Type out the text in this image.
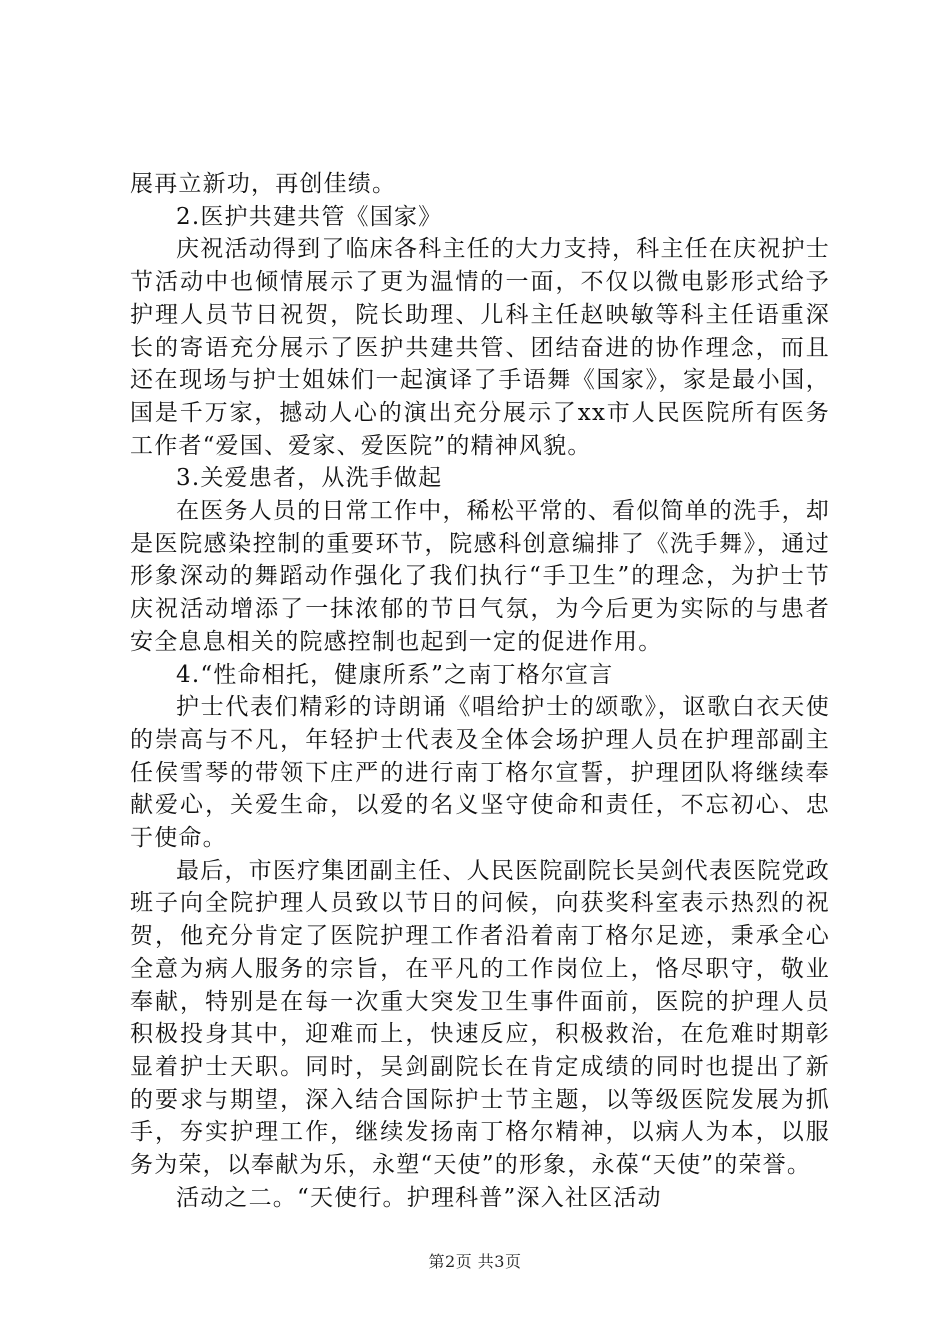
展再立新功，再创佳绩。

2.医护共建共管《国家》

庆祝活动得到了临床各科主任的大力支持，科主任在庆祝护士节活动中也倾情展示了更为温情的一面，不仅以微电影形式给予护理人员节日祝贺，院长助理、儿科主任赵映敏等科主任语重深长的寄语充分展示了医护共建共管、团结奋进的协作理念，而且还在现场与护士姐妹们一起演译了手语舞《国家》，家是最小国，国是千万家，撼动人心的演出充分展示了xx市人民医院所有医务工作者“爱国、爱家、爱医院”的精神风貌。

3.关爱患者，从洗手做起

在医务人员的日常工作中，稀松平常的、看似简单的洗手，却是医院感染控制的重要环节，院感科创意编排了《洗手舞》，通过形象深动的舞蹈动作强化了我们执行“手卫生”的理念，为护士节庆祝活动增添了一抹浓郁的节日气氛，为今后更为实际的与患者安全息息相关的院感控制也起到一定的促进作用。

4.“性命相托，健康所系”之南丁格尔宣言

护士代表们精彩的诗朗诵《唱给护士的颂歌》，讴歌白衣天使的崇高与不凡，年轻护士代表及全体会场护理人员在护理部副主任侯雪琴的带领下庄严的进行南丁格尔宣誓，护理团队将继续奉献爱心，关爱生命，以爱的名义坚守使命和责任，不忘初心、忠于使命。

最后，市医疗集团副主任、人民医院副院长吴剑代表医院党政班子向全院护理人员致以节日的问候，向获奖科室表示热烈的祝贺，他充分肯定了医院护理工作者沿着南丁格尔足迹，秉承全心全意为病人服务的宗旨，在平凡的工作岗位上，恪尽职守，敬业奉献，特别是在每一次重大突发卫生事件面前，医院的护理人员积极投身其中，迎难而上，快速反应，积极救治，在危难时期彰显着护士天职。同时，吴剑副院长在肯定成绩的同时也提出了新的要求与期望，深入结合国际护士节主题，以等级医院发展为抓手，夯实护理工作，继续发扬南丁格尔精神，以病人为本，以服务为荣，以奉献为乐，永塑“天使”的形象，永葆“天使”的荣誉。

活动之二。“天使行。护理科普”深入社区活动

第2页 共3页
